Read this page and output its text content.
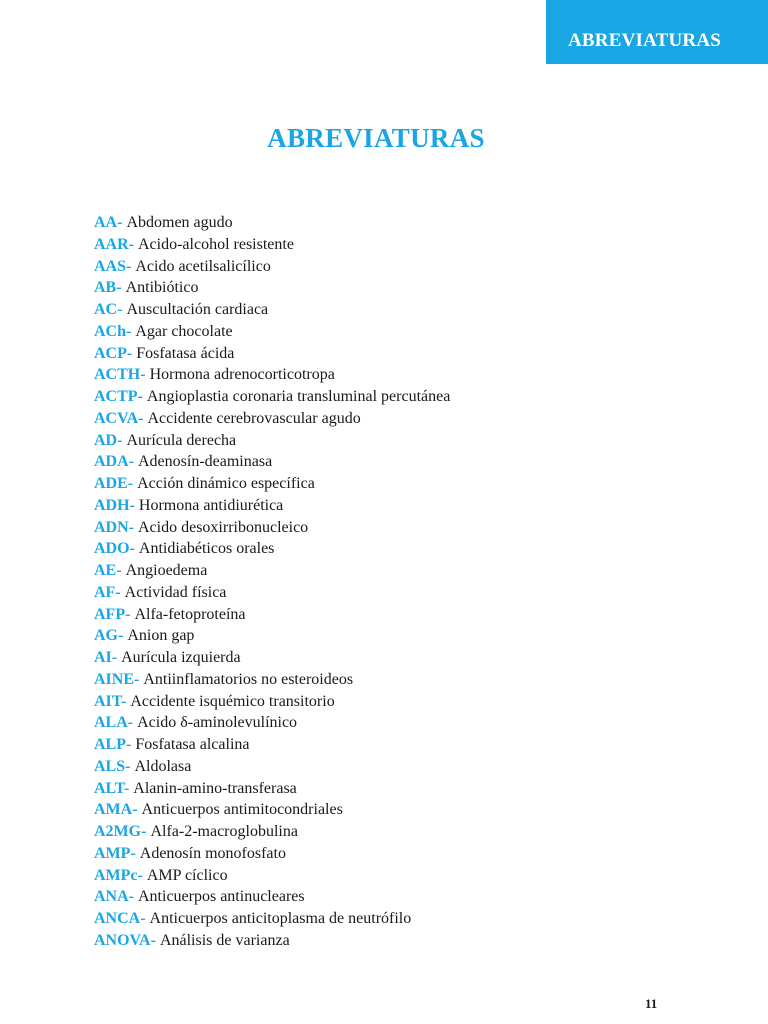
ABREVIATURAS
ABREVIATURAS
AA- Abdomen agudo
AAR- Acido-alcohol resistente
AAS- Acido acetilsalicílico
AB- Antibiótico
AC- Auscultación cardiaca
ACh- Agar chocolate
ACP- Fosfatasa ácida
ACTH- Hormona adrenocorticotropa
ACTP- Angioplastia coronaria transluminal percutánea
ACVA- Accidente cerebrovascular agudo
AD- Aurícula derecha
ADA- Adenosín-deaminasa
ADE- Acción dinámico específica
ADH- Hormona antidiurética
ADN- Acido desoxirribonucleico
ADO- Antidiabéticos orales
AE- Angioedema
AF- Actividad física
AFP- Alfa-fetoproteína
AG- Anion gap
AI- Aurícula izquierda
AINE- Antiinflamatorios no esteroideos
AIT- Accidente isquémico transitorio
ALA- Acido δ-aminolevulínico
ALP- Fosfatasa alcalina
ALS- Aldolasa
ALT- Alanin-amino-transferasa
AMA- Anticuerpos antimitocondriales
A2MG- Alfa-2-macroglobulina
AMP- Adenosín monofosfato
AMPc- AMP cíclico
ANA- Anticuerpos antinucleares
ANCA- Anticuerpos anticitoplasma de neutrófilo
ANOVA- Análisis de varianza
11
